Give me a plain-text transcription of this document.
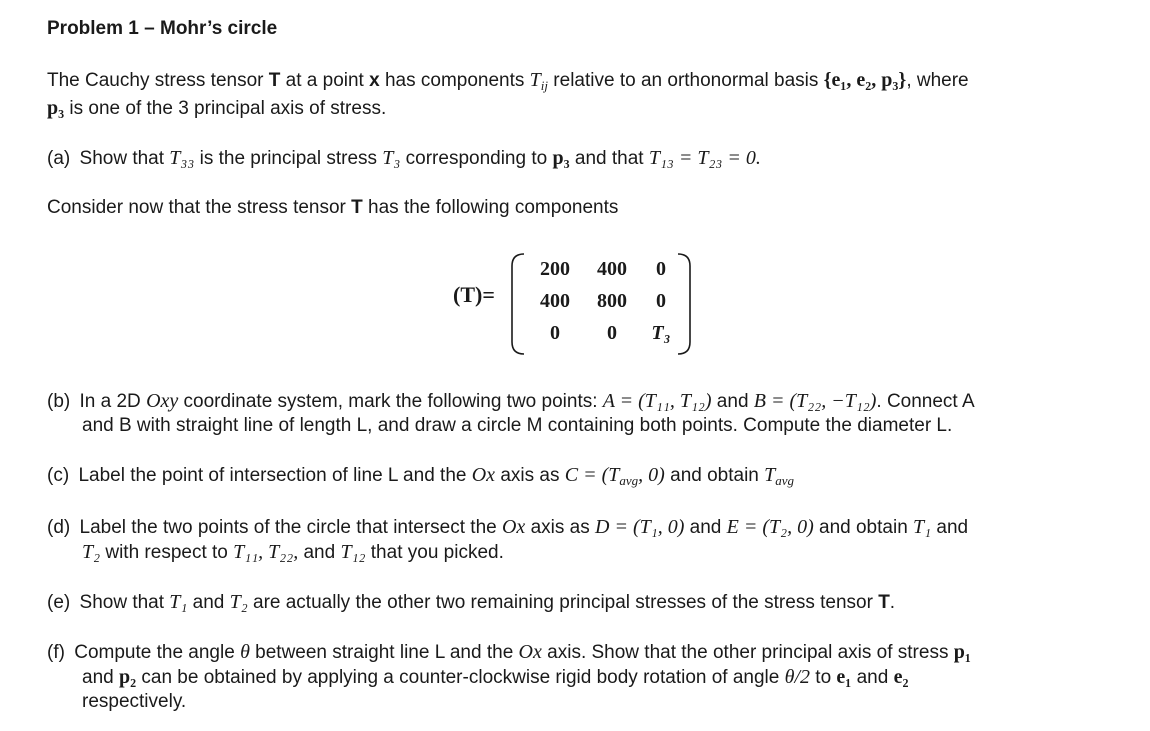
Problem 1 – Mohr’s circle
The Cauchy stress tensor T at a point x has components $T_{ij}$ relative to an orthonormal basis {e₁, e₂, p₃}, where
p₃ is one of the 3 principal axis of stress.
(a) Show that T₃₃ is the principal stress T₃ corresponding to p₃ and that T₁₃ = T₂₃ = 0.
Consider now that the stress tensor T has the following components
(T)=
200	400	0
400	800	0
0	0	T₃
(b) In a 2D Oxy coordinate system, mark the following two points: A = (T₁₁, T₁₂) and B = (T₂₂, −T₁₂). Connect A
and B with straight line of length L, and draw a circle M containing both points. Compute the diameter L.
(c) Label the point of intersection of line L and the Ox axis as $C = (T_{avg}$, 0) and obtain $T_{avg}$
(d) Label the two points of the circle that intersect the Ox axis as D = (T₁, 0) and E = (T₂, 0) and obtain T₁ and
T₂ with respect to T₁₁, T₂₂, and T₁₂ that you picked.
(e) Show that T₁ and T₂ are actually the other two remaining principal stresses of the stress tensor T.
(f) Compute the angle θ between straight line L and the Ox axis. Show that the other principal axis of stress p₁
and p₂ can be obtained by applying a counter-clockwise rigid body rotation of angle θ/2 to e₁ and e₂
respectively.
